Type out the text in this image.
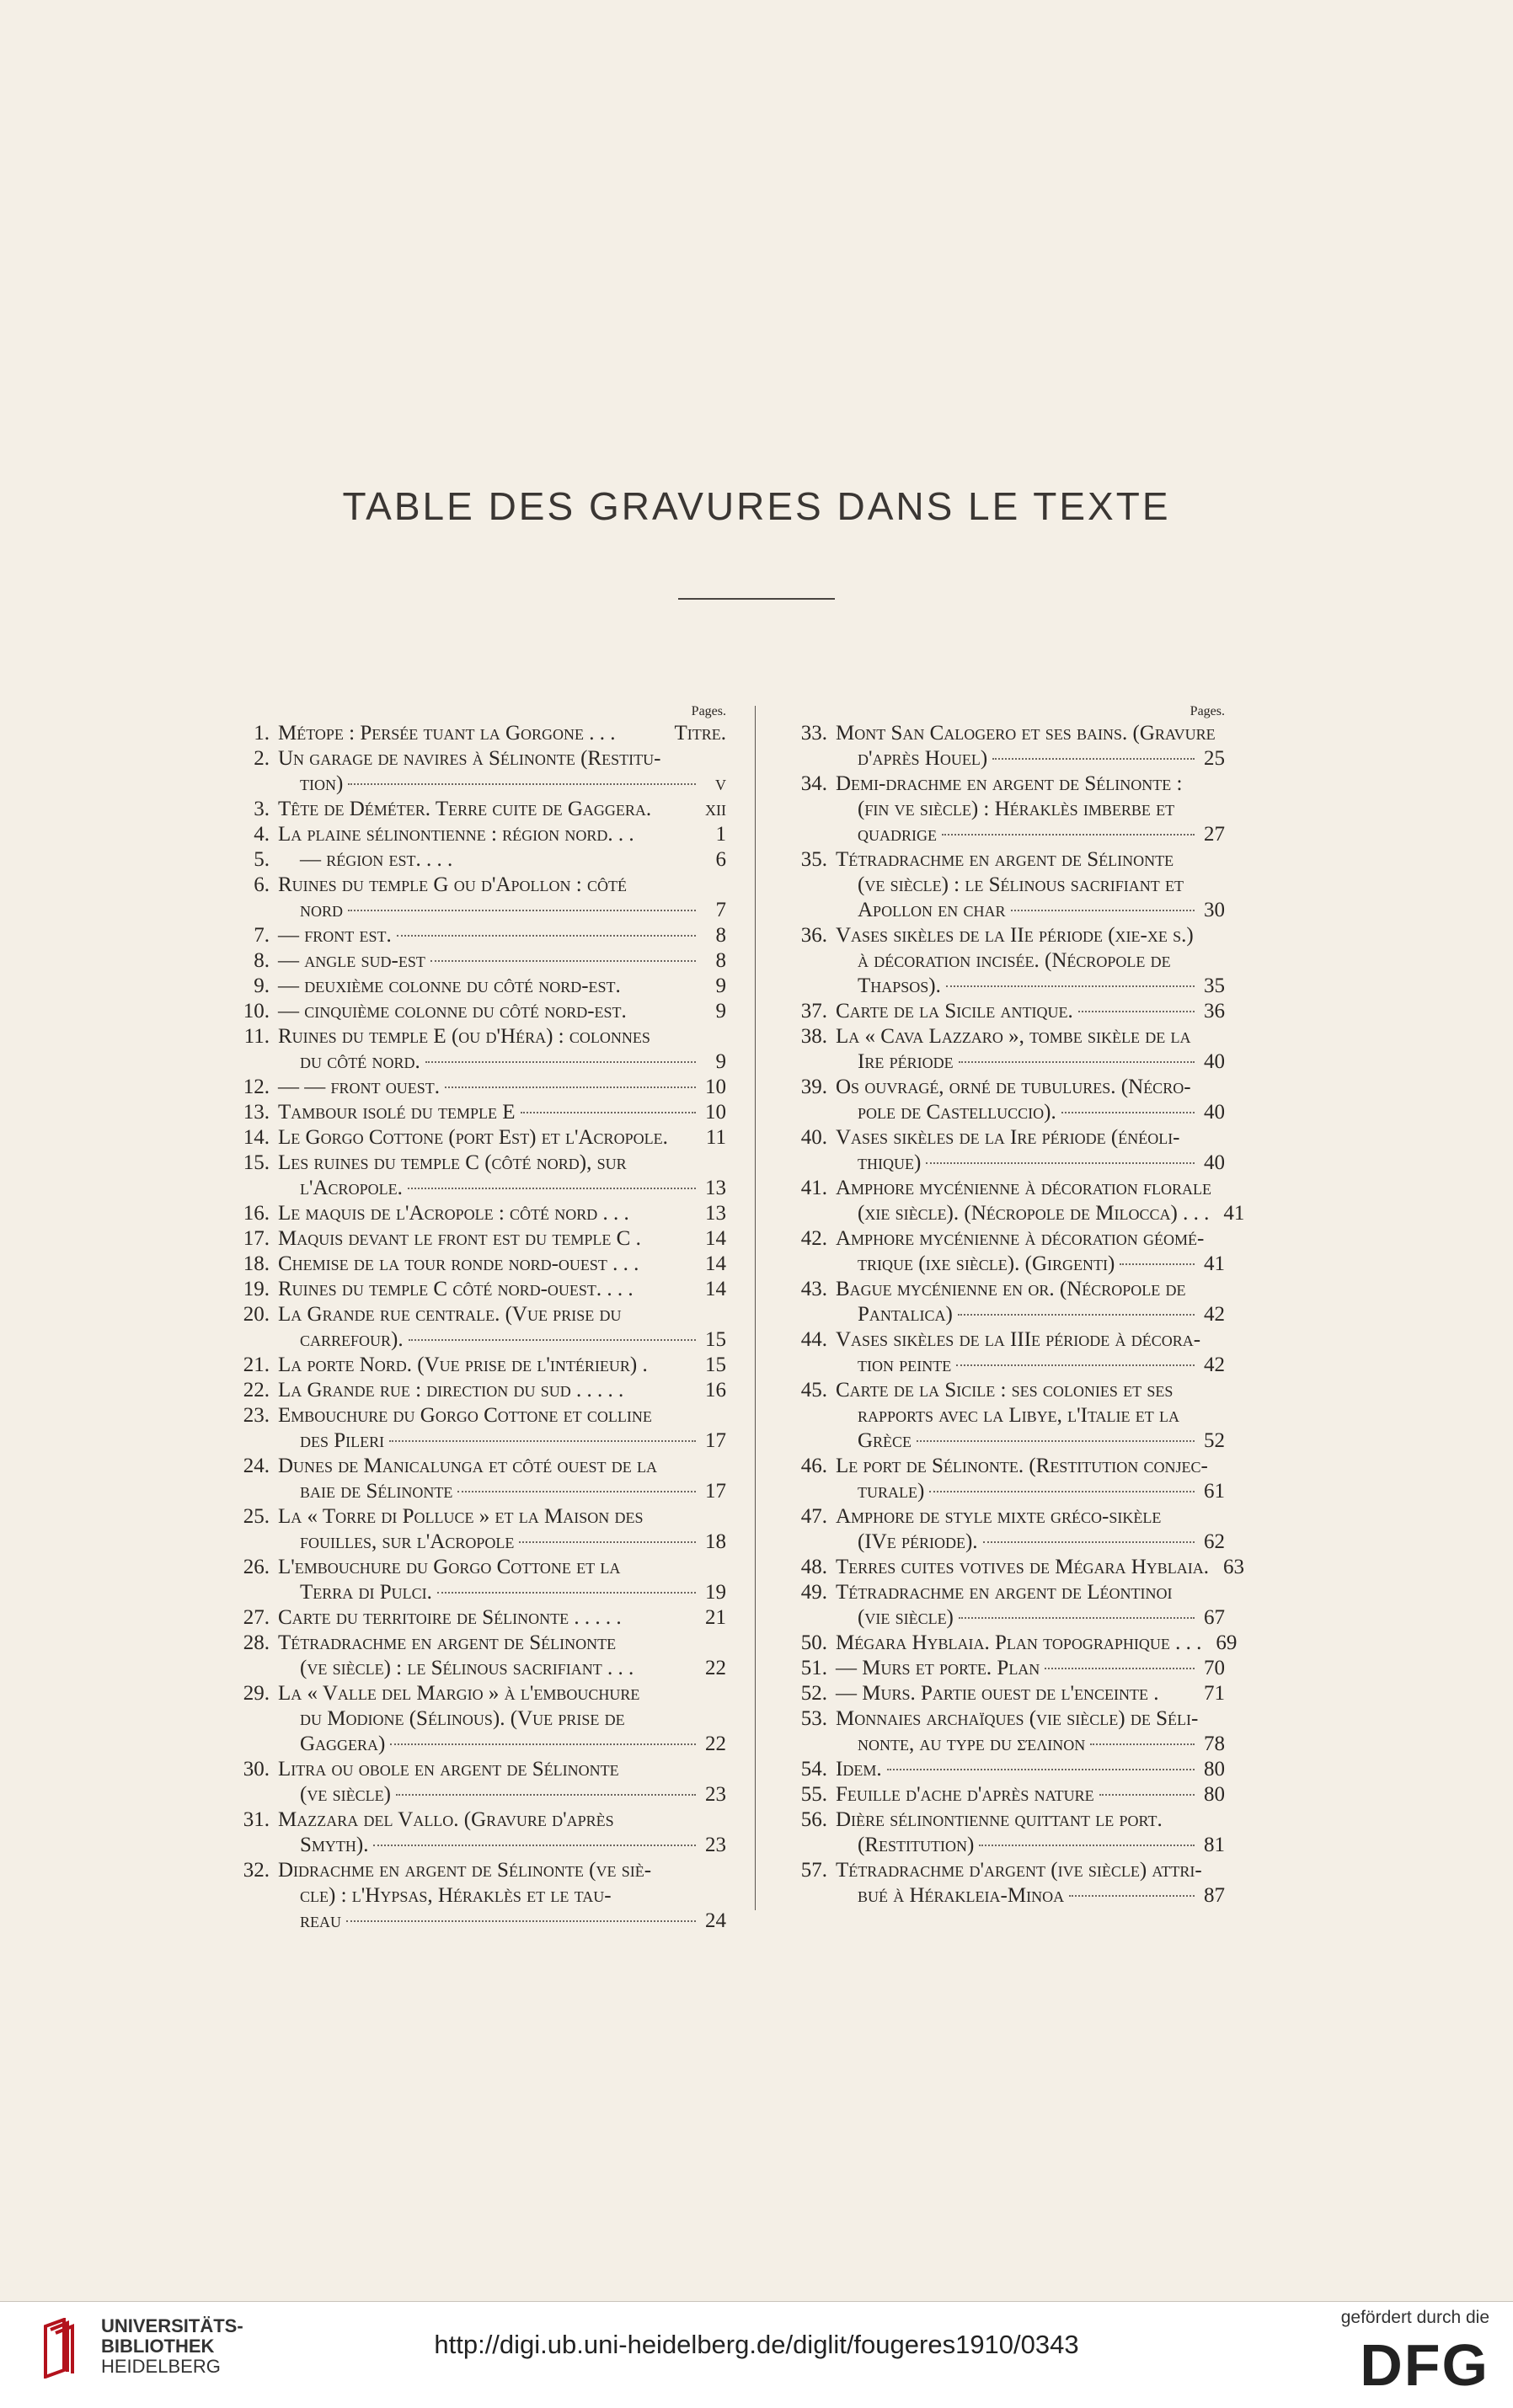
TABLE DES GRAVURES DANS LE TEXTE
Pages.
1. Métope : Persée tuant la Gorgone . . .	Titre.
2. Un garage de navires à Sélinonte (Restitu-
tion)	v
3. Tête de Déméter. Terre cuite de Gaggera.	xii
4. La plaine sélinontienne : région nord. . .	1
5.	— région est. . . .	6
6. Ruines du temple G ou d'Apollon : côté
nord	7
7. — front est.	8
8. — angle sud-est	8
9. — deuxième colonne du côté nord-est.	9
10. — cinquième colonne du côté nord-est.	9
11. Ruines du temple E (ou d'Héra) : colonnes
du côté nord.	9
12. — — front ouest.	10
13. Tambour isolé du temple E	10
14. Le Gorgo Cottone (port Est) et l'Acropole. 11
15. Les ruines du temple C (côté nord), sur
l'Acropole.	13
16. Le maquis de l'Acropole : côté nord . . .	13
17. Maquis devant le front est du temple C .	14
18. Chemise de la tour ronde nord-ouest . . .	14
19. Ruines du temple C côté nord-ouest. . . .	14
20. La Grande rue centrale. (Vue prise du
carrefour).	15
21. La porte Nord. (Vue prise de l'intérieur) .	15
22. La Grande rue : direction du sud . . . . .	16
23. Embouchure du Gorgo Cottone et colline
des Pileri	17
24. Dunes de Manicalunga et côté ouest de la
baie de Sélinonte	17
25. La « Torre di Polluce » et la Maison des
fouilles, sur l'Acropole	18
26. L'embouchure du Gorgo Cottone et la
Terra di Pulci.	19
27. Carte du territoire de Sélinonte . . . . .	21
28. Tétradrachme en argent de Sélinonte
(ve siècle) : le Sélinous sacrifiant . . .	22
29. La « Valle del Margio » à l'embouchure
du Modione (Sélinous). (Vue prise de
Gaggera)	22
30. Litra ou obole en argent de Sélinonte
(ve siècle)	23
31. Mazzara del Vallo. (Gravure d'après
Smyth).	23
32. Didrachme en argent de Sélinonte (ve siè-
cle) : l'Hypsas, Héraklès et le tau-
reau	24
Pages.
33. Mont San Calogero et ses bains. (Gravure
d'après Houel)	25
34. Demi-drachme en argent de Sélinonte :
(fin ve siècle) : Héraklès imberbe et
quadrige	27
35. Tétradrachme en argent de Sélinonte
(ve siècle) : le Sélinous sacrifiant et
Apollon en char	30
36. Vases sikèles de la IIe période (xie-xe s.)
à décoration incisée. (Nécropole de
Thapsos).	35
37. Carte de la Sicile antique.	36
38. La « Cava Lazzaro », tombe sikèle de la
Ire période	40
39. Os ouvragé, orné de tubulures. (Nécro-
pole de Castelluccio).	40
40. Vases sikèles de la Ire période (énéoli-
thique)	40
41. Amphore mycénienne à décoration florale
(xie siècle). (Nécropole de Milocca) . . . 41
42. Amphore mycénienne à décoration géomé-
trique (ixe siècle). (Girgenti)	41
43. Bague mycénienne en or. (Nécropole de
Pantalica)	42
44. Vases sikèles de la IIIe période à décora-
tion peinte	42
45. Carte de la Sicile : ses colonies et ses
rapports avec la Libye, l'Italie et la
Grèce	52
46. Le port de Sélinonte. (Restitution conjec-
turale)	61
47. Amphore de style mixte gréco-sikèle
(IVe période).	62
48. Terres cuites votives de Mégara Hyblaia. 63
49. Tétradrachme en argent de Léontinoi
(vie siècle)	67
50. Mégara Hyblaia. Plan topographique . . . 69
51. — Murs et porte. Plan	70
52. — Murs. Partie ouest de l'enceinte . 71
53. Monnaies archaïques (vie siècle) de Séli-
nonte, au type du σέλινον	78
54. Idem.	80
55. Feuille d'ache d'après nature	80
56. Dière sélinontienne quittant le port.
(Restitution)	81
57. Tétradrachme d'argent (ive siècle) attri-
bué à Hérakleia-Minoa	87
UNIVERSITÄTS-
BIBLIOTHEK
HEIDELBERG
http://digi.ub.uni-heidelberg.de/diglit/fougeres1910/0343
gefördert durch die
DFG
